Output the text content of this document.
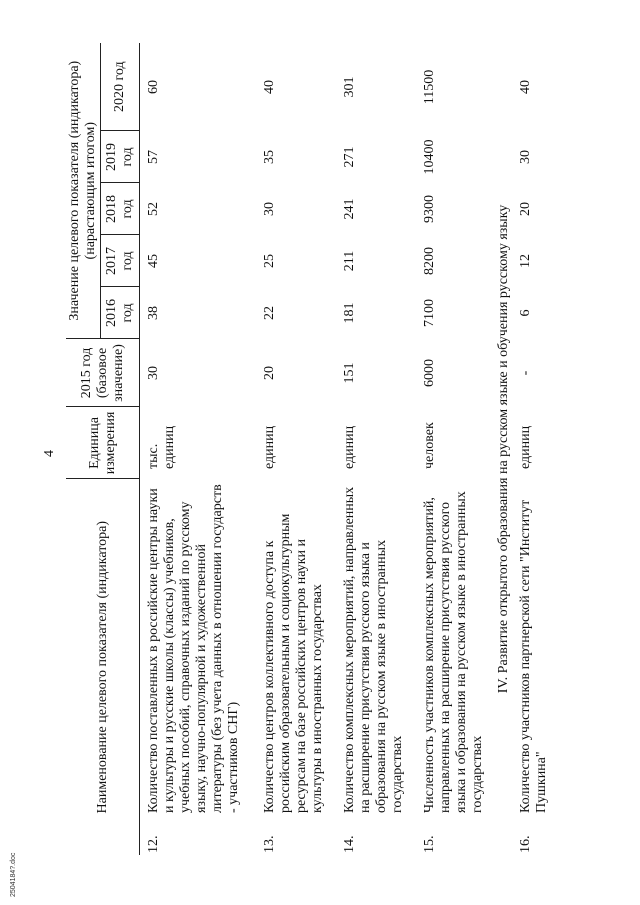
2504184?.doc
4
Наименование целевого показателя (индикатора)		Единица измерения	2015 год (базовое значение)	Значение целевого показателя (индикатора) (нарастающим итогом)				
				2016 год	2017 год	2018 год	2019 год	2020 год
12.	Количество поставленных в российские центры науки и культуры и русские школы (классы) учебников, учебных пособий, справочных изданий по русскому языку, научно-популярной и художественной литературы (без учета данных в отношении государств - участников СНГ)	тыс. единиц	30	38	45	52	57	60
13.	Количество центров коллективного доступа к российским образовательным и социокультурным ресурсам на базе российских центров науки и культуры в иностранных государствах	единиц	20	22	25	30	35	40
14.	Количество комплексных мероприятий, направленных на расширение присутствия русского языка и образования на русском языке в иностранных государствах	единиц	151	181	211	241	271	301
15.	Численность участников комплексных мероприятий, направленных на расширение присутствия русского языка и образования на русском языке в иностранных государствах	человек	6000	7100	8200	9300	10400	11500
IV. Развитие открытого образования на русском языке и обучения русскому языку								
16.	Количество участников партнерской сети "Институт Пушкина"	единиц	-	6	12	20	30	40
